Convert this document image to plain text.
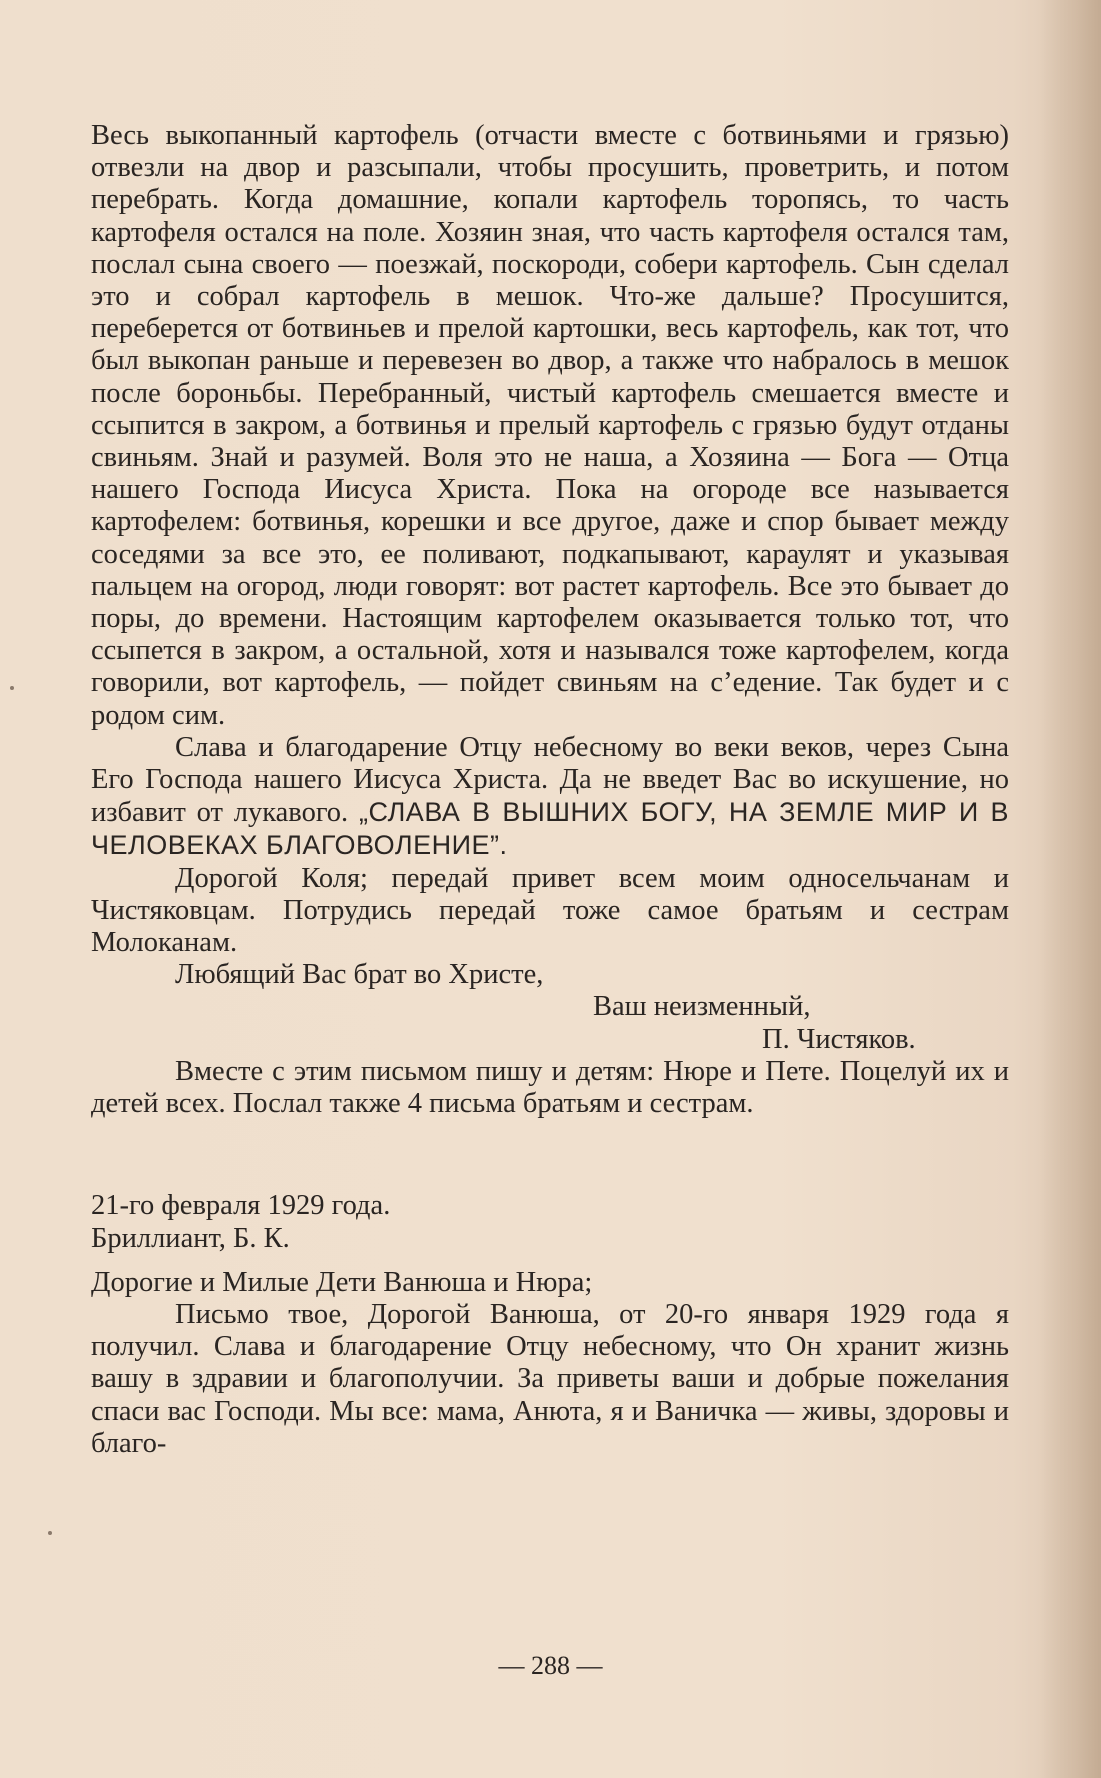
Весь выкопанный картофель (отчасти вместе с ботвиньями и грязью) отвезли на двор и разсыпали, чтобы просушить, проветрить, и потом перебрать. Когда домашние, копали картофель торопясь, то часть картофеля остался на поле. Хозяин зная, что часть картофеля остался там, послал сына своего — поезжай, поскороди, собери картофель. Сын сделал это и собрал картофель в мешок. Что-же дальше? Просушится, переберется от ботвиньев и прелой картошки, весь картофель, как тот, что был выкопан раньше и перевезен во двор, а также что набралось в мешок после бороньбы. Перебранный, чистый картофель смешается вместе и ссыпится в закром, а ботвинья и прелый картофель с грязью будут отданы свиньям. Знай и разумей. Воля это не наша, а Хозяина — Бога — Отца нашего Господа Иисуса Христа. Пока на огороде все называется картофелем: ботвинья, корешки и все другое, даже и спор бывает между соседями за все это, ее поливают, подкапывают, караулят и указывая пальцем на огород, люди говорят: вот растет картофель. Все это бывает до поры, до времени. Настоящим картофелем оказывается только тот, что ссыпется в закром, а остальной, хотя и назывался тоже картофелем, когда говорили, вот картофель, — пойдет свиньям на с’едение. Так будет и с родом сим.

Слава и благодарение Отцу небесному во веки веков, через Сына Его Господа нашего Иисуса Христа. Да не введет Вас во искушение, но избавит от лукавого. „СЛАВА В ВЫШНИХ БОГУ, НА ЗЕМЛЕ МИР И В ЧЕЛОВЕКАХ БЛАГОВОЛЕНИЕ”.

Дорогой Коля; передай привет всем моим односельчанам и Чистяковцам. Потрудись передай тоже самое братьям и сестрам Молоканам.

Любящий Вас брат во Христе,

Ваш неизменный,

П. Чистяков.

Вместе с этим письмом пишу и детям: Нюре и Пете. Поцелуй их и детей всех. Послал также 4 письма братьям и сестрам.

21-го февраля 1929 года.

Бриллиант, Б. К.

Дорогие и Милые Дети Ванюша и Нюра;

Письмо твое, Дорогой Ванюша, от 20-го января 1929 года я получил. Слава и благодарение Отцу небесному, что Он хранит жизнь вашу в здравии и благополучии. За приветы ваши и добрые пожелания спаси вас Господи. Мы все: мама, Анюта, я и Ваничка — живы, здоровы и благо-

— 288 —
